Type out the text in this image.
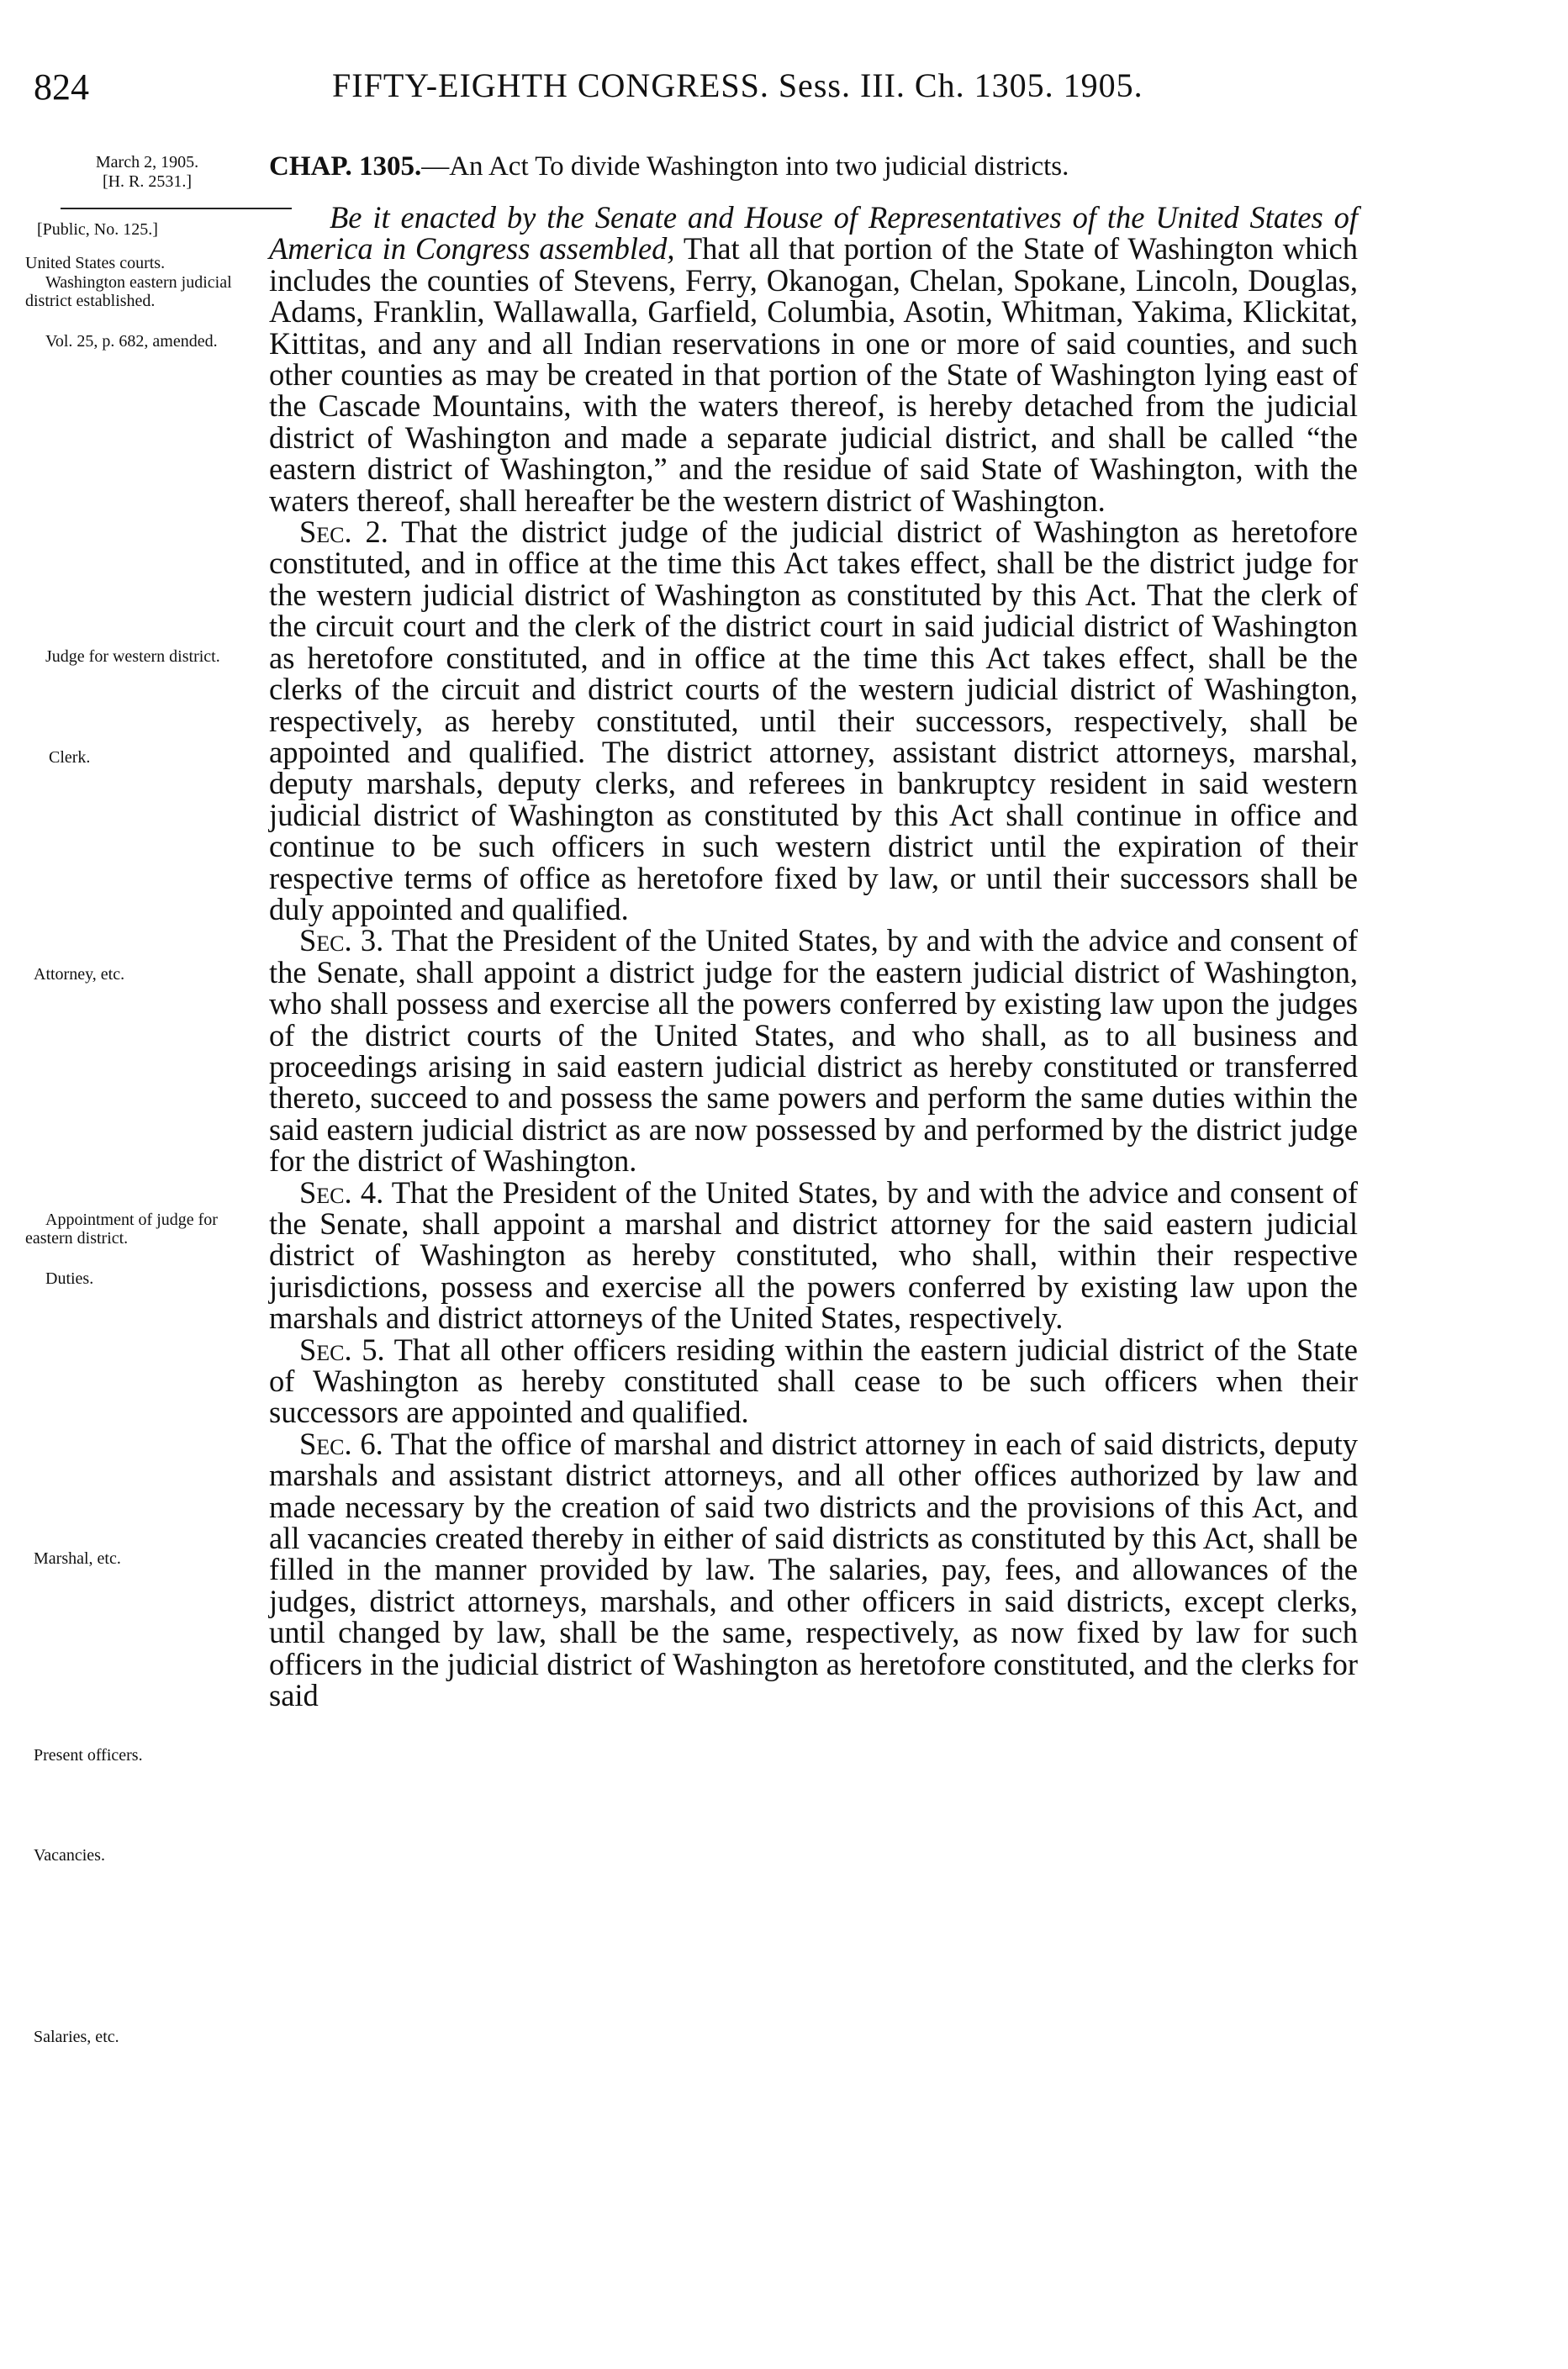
824	FIFTY-EIGHTH CONGRESS. Sess. III. Ch. 1305. 1905.
March 2, 1905.
[H. R. 2531.]
[Public, No. 125.]
United States courts.
Washington eastern judicial district established.
Vol. 25, p. 682, amended.
Judge for western district.
Clerk.
Attorney, etc.
Appointment of judge for eastern district.
Duties.
Marshal, etc.
Present officers.
Vacancies.
Salaries, etc.

CHAP. 1305.—An Act To divide Washington into two judicial districts.

Be it enacted by the Senate and House of Representatives of the United States of America in Congress assembled, That all that portion of the State of Washington which includes the counties of Stevens, Ferry, Okanogan, Chelan, Spokane, Lincoln, Douglas, Adams, Franklin, Wallawalla, Garfield, Columbia, Asotin, Whitman, Yakima, Klickitat, Kittitas, and any and all Indian reservations in one or more of said counties, and such other counties as may be created in that portion of the State of Washington lying east of the Cascade Mountains, with the waters thereof, is hereby detached from the judicial district of Washington and made a separate judicial district, and shall be called “the eastern district of Washington,” and the residue of said State of Washington, with the waters thereof, shall hereafter be the western district of Washington.

Sec. 2. That the district judge of the judicial district of Washington as heretofore constituted, and in office at the time this Act takes effect, shall be the district judge for the western judicial district of Washington as constituted by this Act. That the clerk of the circuit court and the clerk of the district court in said judicial district of Washington as heretofore constituted, and in office at the time this Act takes effect, shall be the clerks of the circuit and district courts of the western judicial district of Washington, respectively, as hereby constituted, until their successors, respectively, shall be appointed and qualified. The district attorney, assistant district attorneys, marshal, deputy marshals, deputy clerks, and referees in bankruptcy resident in said western judicial district of Washington as constituted by this Act shall continue in office and continue to be such officers in such western district until the expiration of their respective terms of office as heretofore fixed by law, or until their successors shall be duly appointed and qualified.

Sec. 3. That the President of the United States, by and with the advice and consent of the Senate, shall appoint a district judge for the eastern judicial district of Washington, who shall possess and exercise all the powers conferred by existing law upon the judges of the district courts of the United States, and who shall, as to all business and proceedings arising in said eastern judicial district as hereby constituted or transferred thereto, succeed to and possess the same powers and perform the same duties within the said eastern judicial district as are now possessed by and performed by the district judge for the district of Washington.

Sec. 4. That the President of the United States, by and with the advice and consent of the Senate, shall appoint a marshal and district attorney for the said eastern judicial district of Washington as hereby constituted, who shall, within their respective jurisdictions, possess and exercise all the powers conferred by existing law upon the marshals and district attorneys of the United States, respectively.

Sec. 5. That all other officers residing within the eastern judicial district of the State of Washington as hereby constituted shall cease to be such officers when their successors are appointed and qualified.

Sec. 6. That the office of marshal and district attorney in each of said districts, deputy marshals and assistant district attorneys, and all other offices authorized by law and made necessary by the creation of said two districts and the provisions of this Act, and all vacancies created thereby in either of said districts as constituted by this Act, shall be filled in the manner provided by law. The salaries, pay, fees, and allowances of the judges, district attorneys, marshals, and other officers in said districts, except clerks, until changed by law, shall be the same, respectively, as now fixed by law for such officers in the judicial district of Washington as heretofore constituted, and the clerks for said
